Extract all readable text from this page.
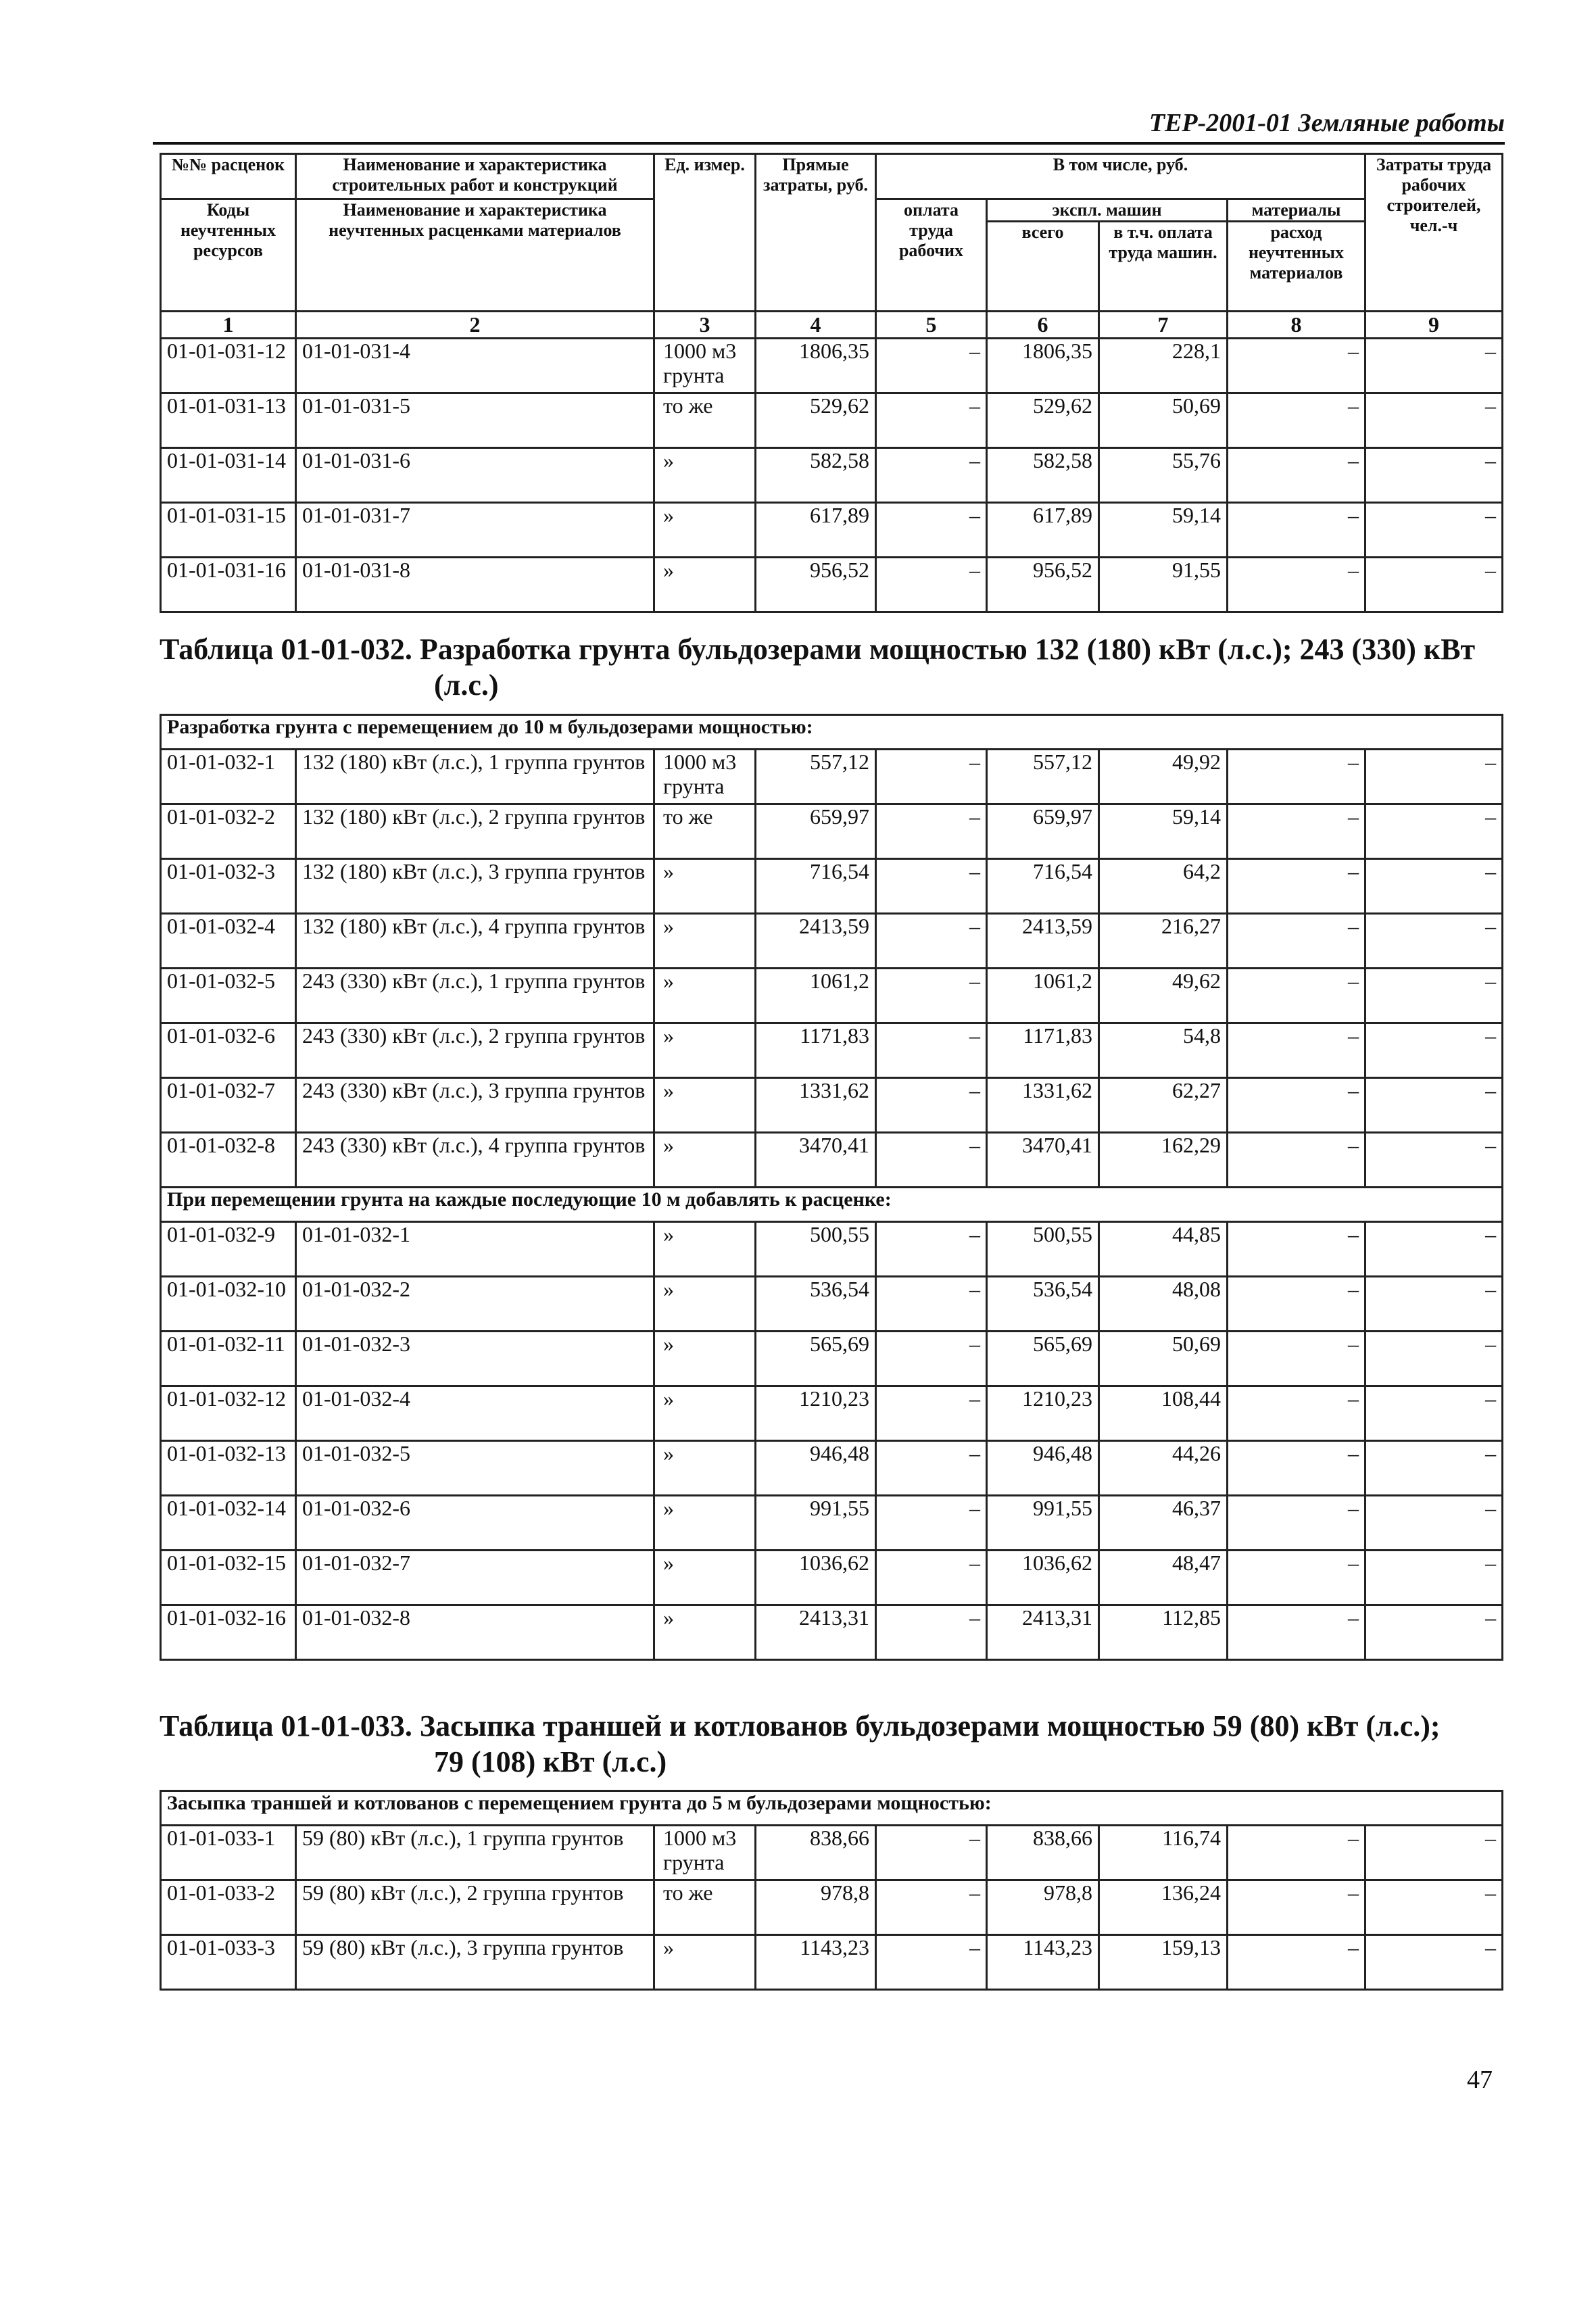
ТЕР-2001-01 Земляные работы
№№ расценок	Наименование и характеристика строительных работ и конструкций	Ед. измер.	Прямые затраты, руб.	В том числе, руб.				Затраты труда рабочих строителей, чел.-ч
Коды неучтенных ресурсов	Наименование и характеристика неучтенных расценками материалов			оплата труда рабочих	экспл. машин		материалы	
					всего	в т.ч. оплата труда машин.	расход неучтенных материалов	
1	2	3	4	5	6	7	8	9
01-01-031-12	01-01-031-4	1000 м3 грунта	1806,35	–	1806,35	228,1	–	–
01-01-031-13	01-01-031-5	то же	529,62	–	529,62	50,69	–	–
01-01-031-14	01-01-031-6	»	582,58	–	582,58	55,76	–	–
01-01-031-15	01-01-031-7	»	617,89	–	617,89	59,14	–	–
01-01-031-16	01-01-031-8	»	956,52	–	956,52	91,55	–	–
Таблица 01-01-032. Разработка грунта бульдозерами мощностью 132 (180) кВт (л.с.); 243 (330) кВт
(л.с.)
Разработка грунта с перемещением до 10 м бульдозерами мощностью:								
01-01-032-1	132 (180) кВт (л.с.), 1 группа грунтов	1000 м3 грунта	557,12	–	557,12	49,92	–	–
01-01-032-2	132 (180) кВт (л.с.), 2 группа грунтов	то же	659,97	–	659,97	59,14	–	–
01-01-032-3	132 (180) кВт (л.с.), 3 группа грунтов	»	716,54	–	716,54	64,2	–	–
01-01-032-4	132 (180) кВт (л.с.), 4 группа грунтов	»	2413,59	–	2413,59	216,27	–	–
01-01-032-5	243 (330) кВт (л.с.), 1 группа грунтов	»	1061,2	–	1061,2	49,62	–	–
01-01-032-6	243 (330) кВт (л.с.), 2 группа грунтов	»	1171,83	–	1171,83	54,8	–	–
01-01-032-7	243 (330) кВт (л.с.), 3 группа грунтов	»	1331,62	–	1331,62	62,27	–	–
01-01-032-8	243 (330) кВт (л.с.), 4 группа грунтов	»	3470,41	–	3470,41	162,29	–	–
При перемещении грунта на каждые последующие 10 м добавлять к расценке:								
01-01-032-9	01-01-032-1	»	500,55	–	500,55	44,85	–	–
01-01-032-10	01-01-032-2	»	536,54	–	536,54	48,08	–	–
01-01-032-11	01-01-032-3	»	565,69	–	565,69	50,69	–	–
01-01-032-12	01-01-032-4	»	1210,23	–	1210,23	108,44	–	–
01-01-032-13	01-01-032-5	»	946,48	–	946,48	44,26	–	–
01-01-032-14	01-01-032-6	»	991,55	–	991,55	46,37	–	–
01-01-032-15	01-01-032-7	»	1036,62	–	1036,62	48,47	–	–
01-01-032-16	01-01-032-8	»	2413,31	–	2413,31	112,85	–	–
Таблица 01-01-033. Засыпка траншей и котлованов бульдозерами мощностью 59 (80) кВт (л.с.);
79 (108) кВт (л.с.)
Засыпка траншей и котлованов с перемещением грунта до 5 м бульдозерами мощностью:								
01-01-033-1	59 (80) кВт (л.с.), 1 группа грунтов	1000 м3 грунта	838,66	–	838,66	116,74	–	–
01-01-033-2	59 (80) кВт (л.с.), 2 группа грунтов	то же	978,8	–	978,8	136,24	–	–
01-01-033-3	59 (80) кВт (л.с.), 3 группа грунтов	»	1143,23	–	1143,23	159,13	–	–
47
